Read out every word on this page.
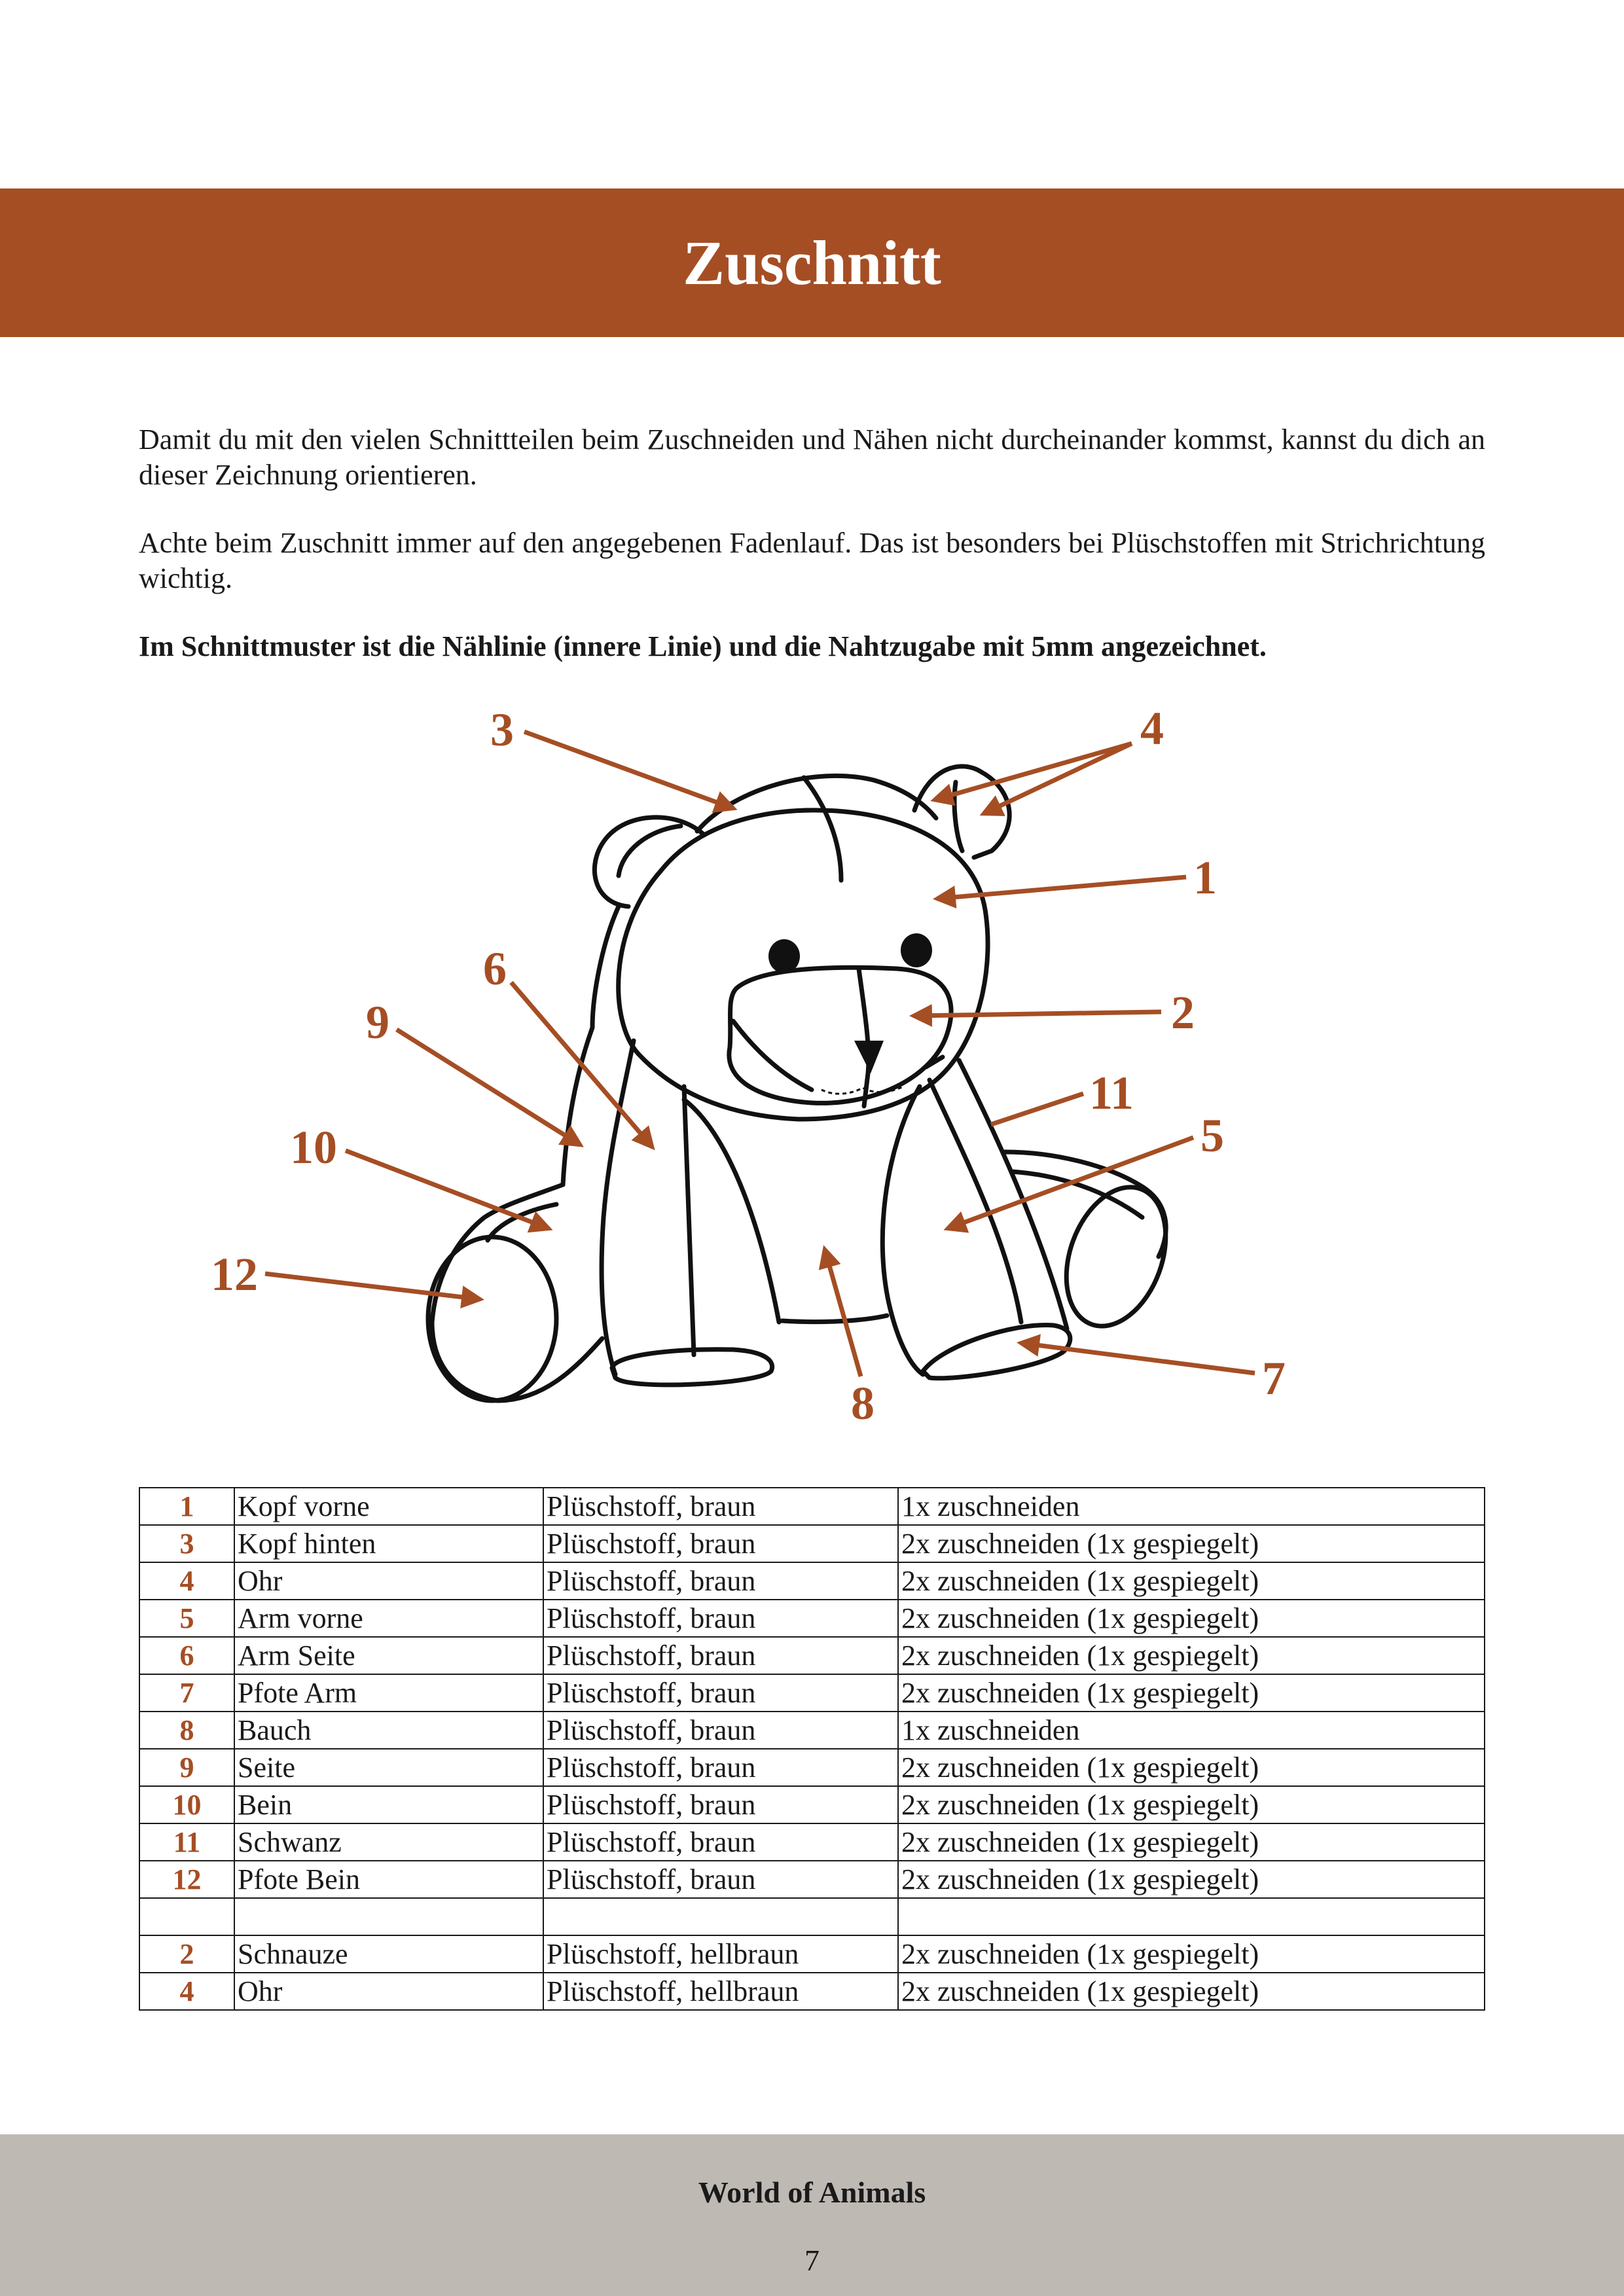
Zuschnitt

Damit du mit den vielen Schnittteilen beim Zuschneiden und Nähen nicht durcheinander kommst, kannst du dich an dieser Zeichnung orientieren.

Achte beim Zuschnitt immer auf den angegebenen Fadenlauf. Das ist besonders bei Plüschstoffen mit Strichrichtung wichtig.

Im Schnittmuster ist die Nählinie (innere Linie) und die Nahtzugabe mit 5mm angezeichnet.

1
2
3	4
5
6
7
8
9
10
11
12
1	Kopf vorne	Plüschstoff, braun	1x zuschneiden
3	Kopf hinten	Plüschstoff, braun	2x zuschneiden (1x gespiegelt)
4	Ohr	Plüschstoff, braun	2x zuschneiden (1x gespiegelt)
5	Arm vorne	Plüschstoff, braun	2x zuschneiden (1x gespiegelt)
6	Arm Seite	Plüschstoff, braun	2x zuschneiden (1x gespiegelt)
7	Pfote Arm	Plüschstoff, braun	2x zuschneiden (1x gespiegelt)
8	Bauch	Plüschstoff, braun	1x zuschneiden
9	Seite	Plüschstoff, braun	2x zuschneiden (1x gespiegelt)
10	Bein	Plüschstoff, braun	2x zuschneiden (1x gespiegelt)
11	Schwanz	Plüschstoff, braun	2x zuschneiden (1x gespiegelt)
12	Pfote Bein	Plüschstoff, braun	2x zuschneiden (1x gespiegelt)

2	Schnauze	Plüschstoff, hellbraun	2x zuschneiden (1x gespiegelt)
4	Ohr	Plüschstoff, hellbraun	2x zuschneiden (1x gespiegelt)
World of Animals
7
